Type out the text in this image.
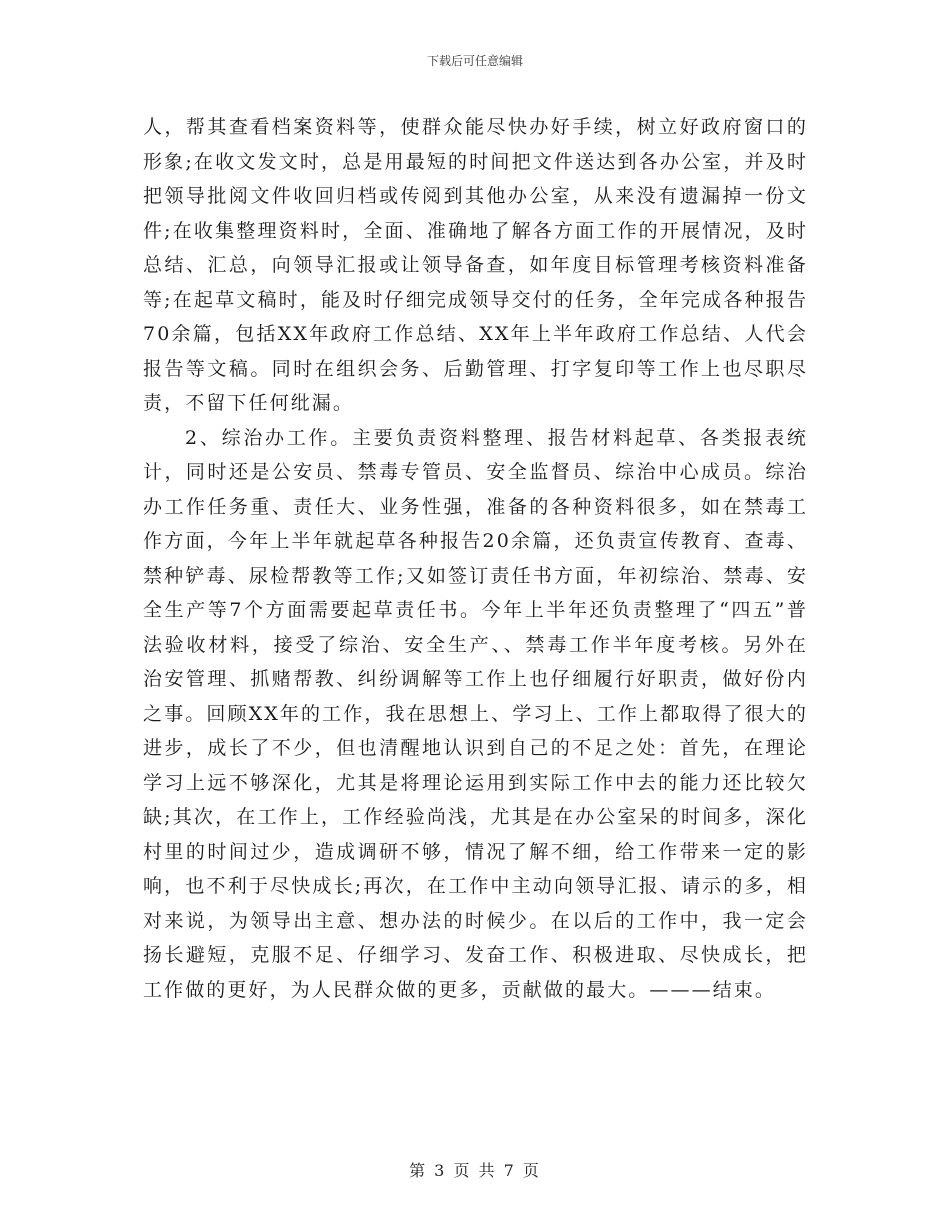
下载后可任意编辑

人，帮其查看档案资料等，使群众能尽快办好手续，树立好政府窗口的形象;在收文发文时，总是用最短的时间把文件送达到各办公室，并及时把领导批阅文件收回归档或传阅到其他办公室，从来没有遗漏掉一份文件;在收集整理资料时，全面、准确地了解各方面工作的开展情况，及时总结、汇总，向领导汇报或让领导备查，如年度目标管理考核资料准备等;在起草文稿时，能及时仔细完成领导交付的任务，全年完成各种报告70余篇，包括XX年政府工作总结、XX年上半年政府工作总结、人代会报告等文稿。同时在组织会务、后勤管理、打字复印等工作上也尽职尽责，不留下任何纰漏。

2、综治办工作。主要负责资料整理、报告材料起草、各类报表统计，同时还是公安员、禁毒专管员、安全监督员、综治中心成员。综治办工作任务重、责任大、业务性强，准备的各种资料很多，如在禁毒工作方面，今年上半年就起草各种报告20余篇，还负责宣传教育、查毒、禁种铲毒、尿检帮教等工作;又如签订责任书方面，年初综治、禁毒、安全生产等7个方面需要起草责任书。今年上半年还负责整理了“四五”普法验收材料，接受了综治、安全生产、、禁毒工作半年度考核。另外在治安管理、抓赌帮教、纠纷调解等工作上也仔细履行好职责，做好份内之事。回顾XX年的工作，我在思想上、学习上、工作上都取得了很大的进步，成长了不少，但也清醒地认识到自己的不足之处：首先，在理论学习上远不够深化，尤其是将理论运用到实际工作中去的能力还比较欠缺;其次，在工作上，工作经验尚浅，尤其是在办公室呆的时间多，深化村里的时间过少，造成调研不够，情况了解不细，给工作带来一定的影响，也不利于尽快成长;再次，在工作中主动向领导汇报、请示的多，相对来说，为领导出主意、想办法的时候少。在以后的工作中，我一定会扬长避短，克服不足、仔细学习、发奋工作、积极进取、尽快成长，把工作做的更好，为人民群众做的更多，贡献做的最大。———结束。

第 3 页 共 7 页
